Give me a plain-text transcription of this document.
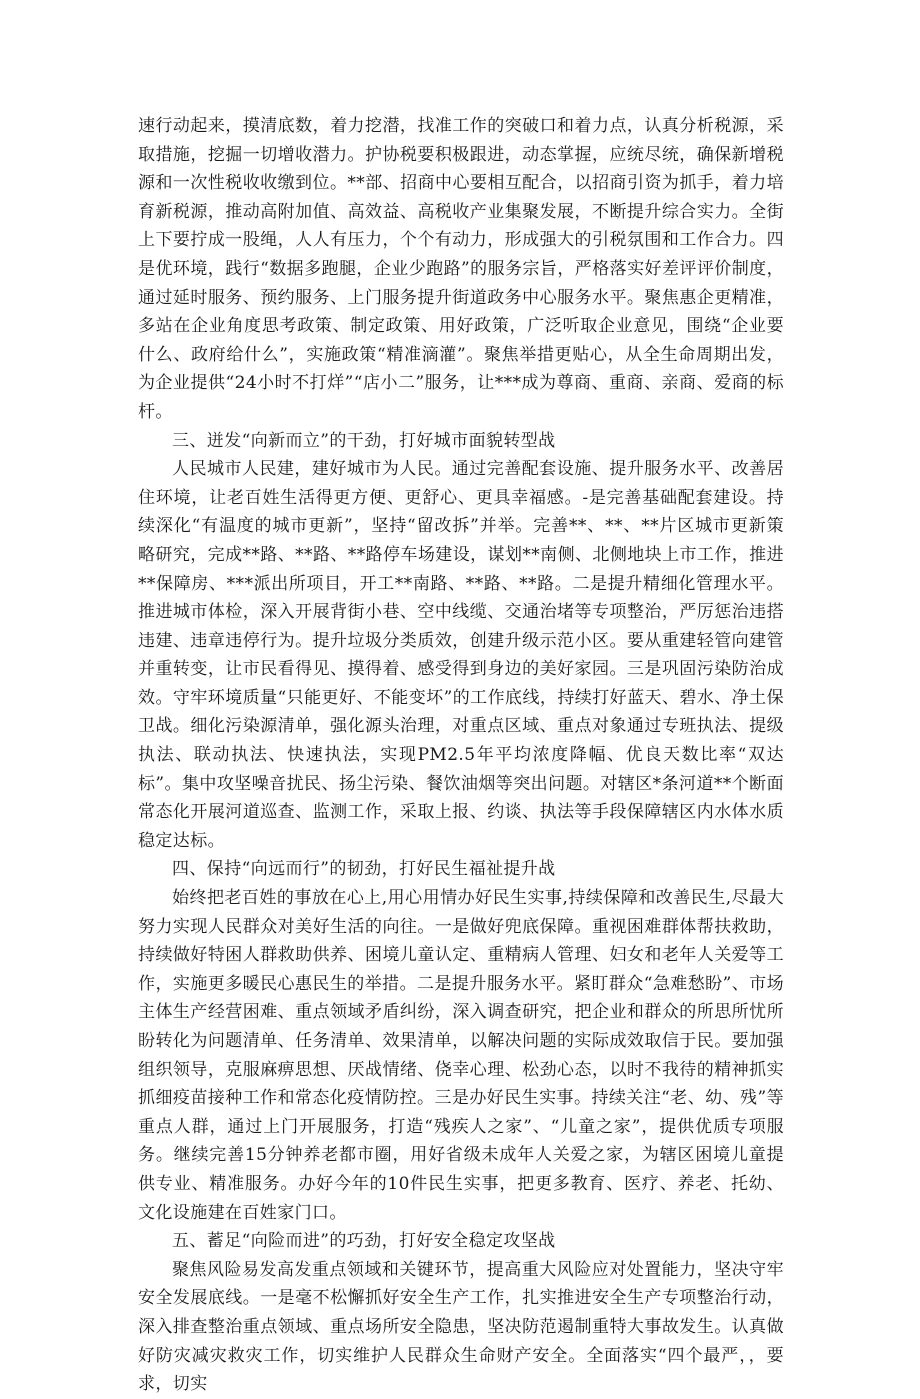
速行动起来，摸清底数，着力挖潜，找准工作的突破口和着力点，认真分析税源，采取措施，挖掘一切增收潜力。护协税要积极跟进，动态掌握，应统尽统，确保新增税源和一次性税收收缴到位。**部、招商中心要相互配合，以招商引资为抓手，着力培育新税源，推动高附加值、高效益、高税收产业集聚发展，不断提升综合实力。全街上下要拧成一股绳，人人有压力，个个有动力，形成强大的引税氛围和工作合力。四是优环境，践行“数据多跑腿，企业少跑路”的服务宗旨，严格落实好差评评价制度，通过延时服务、预约服务、上门服务提升街道政务中心服务水平。聚焦惠企更精准，多站在企业角度思考政策、制定政策、用好政策，广泛听取企业意见，围绕“企业要什么、政府给什么”，实施政策“精准滴灌”。聚焦举措更贴心，从全生命周期出发，为企业提供“24小时不打烊”“店小二”服务，让***成为尊商、重商、亲商、爱商的标杆。

三、迸发“向新而立”的干劲，打好城市面貌转型战

人民城市人民建，建好城市为人民。通过完善配套设施、提升服务水平、改善居住环境，让老百姓生活得更方便、更舒心、更具幸福感。-是完善基础配套建设。持续深化“有温度的城市更新”，坚持“留改拆”并举。完善**、**、**片区城市更新策略研究，完成**路、**路、**路停车场建设，谋划**南侧、北侧地块上市工作，推进**保障房、***派出所项目，开工**南路、**路、**路。二是提升精细化管理水平。推进城市体检，深入开展背街小巷、空中线缆、交通治堵等专项整治，严厉惩治违搭违建、违章违停行为。提升垃圾分类质效，创建升级示范小区。要从重建轻管向建管并重转变，让市民看得见、摸得着、感受得到身边的美好家园。三是巩固污染防治成效。守牢环境质量“只能更好、不能变坏”的工作底线，持续打好蓝天、碧水、净土保卫战。细化污染源清单，强化源头治理，对重点区域、重点对象通过专班执法、提级执法、联动执法、快速执法，实现PM2.5年平均浓度降幅、优良天数比率“双达标”。集中攻坚噪音扰民、扬尘污染、餐饮油烟等突出问题。对辖区*条河道**个断面常态化开展河道巡查、监测工作，采取上报、约谈、执法等手段保障辖区内水体水质稳定达标。

四、保持“向远而行”的韧劲，打好民生福祉提升战

始终把老百姓的事放在心上,用心用情办好民生实事,持续保障和改善民生,尽最大努力实现人民群众对美好生活的向往。一是做好兜底保障。重视困难群体帮扶救助，持续做好特困人群救助供养、困境儿童认定、重精病人管理、妇女和老年人关爱等工作，实施更多暖民心惠民生的举措。二是提升服务水平。紧盯群众“急难愁盼”、市场主体生产经营困难、重点领域矛盾纠纷，深入调查研究，把企业和群众的所思所忧所盼转化为问题清单、任务清单、效果清单，以解决问题的实际成效取信于民。要加强组织领导，克服麻痹思想、厌战情绪、侥幸心理、松劲心态，以时不我待的精神抓实抓细疫苗接种工作和常态化疫情防控。三是办好民生实事。持续关注“老、幼、残”等重点人群，通过上门开展服务，打造“残疾人之家”、“儿童之家”，提供优质专项服务。继续完善15分钟养老都市圈，用好省级未成年人关爱之家，为辖区困境儿童提供专业、精准服务。办好今年的10件民生实事，把更多教育、医疗、养老、托幼、文化设施建在百姓家门口。

五、蓄足“向险而进”的巧劲，打好安全稳定攻坚战

聚焦风险易发高发重点领域和关键环节，提高重大风险应对处置能力，坚决守牢安全发展底线。一是毫不松懈抓好安全生产工作，扎实推进安全生产专项整治行动，深入排查整治重点领域、重点场所安全隐患，坚决防范遏制重特大事故发生。认真做好防灾减灾救灾工作，切实维护人民群众生命财产安全。全面落实“四个最严，，要求，切实
